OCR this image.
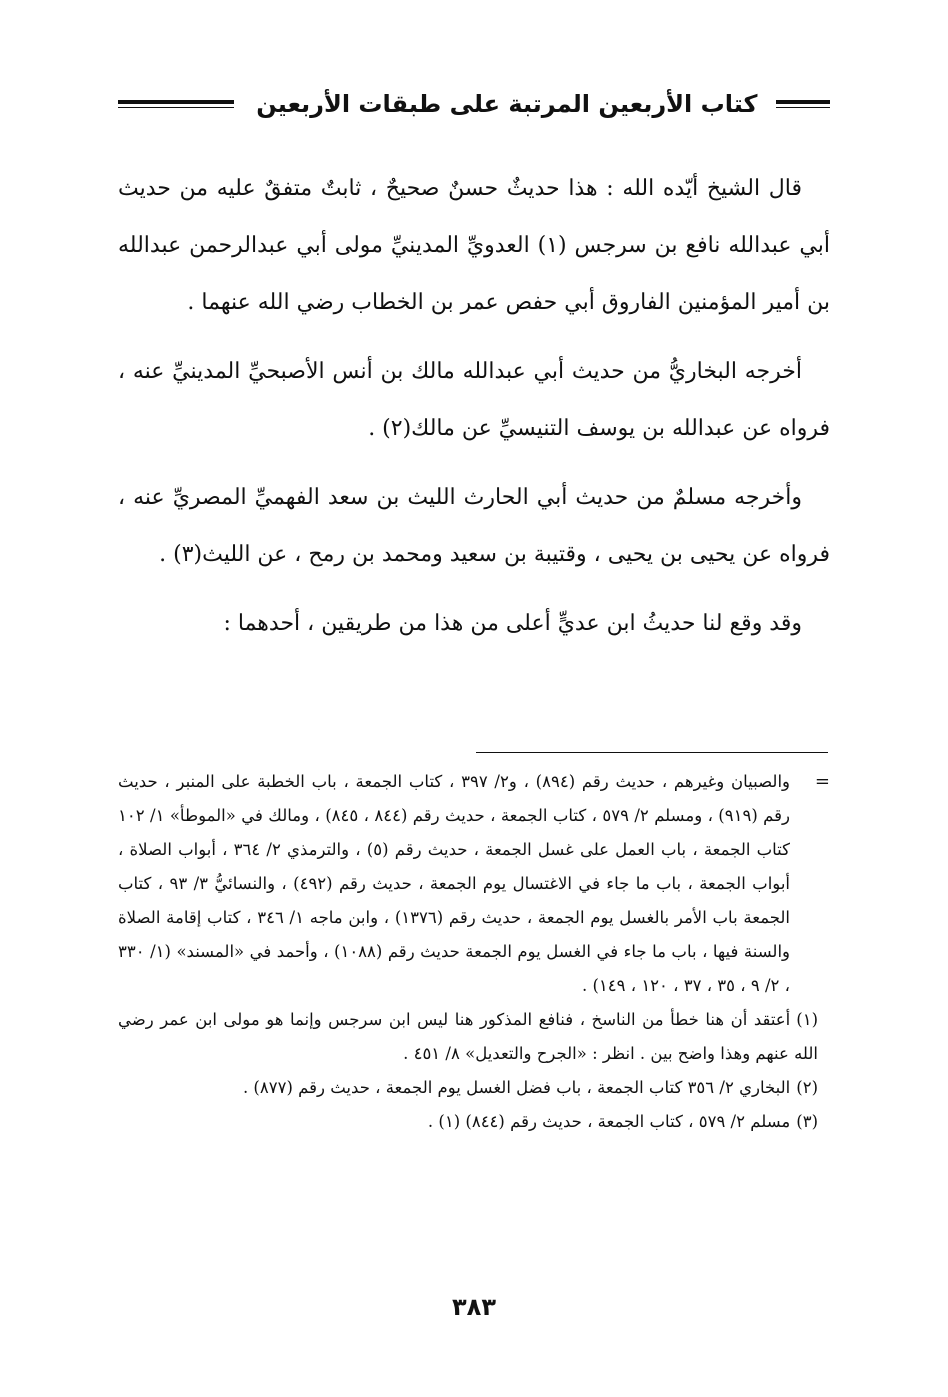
كتاب الأربعين المرتبة على طبقات الأربعين

قال الشيخ أيّده الله : هذا حديثٌ حسنٌ صحيحٌ ، ثابتٌ متفقٌ عليه من حديث أبي عبدالله نافع بن سرجس (١) العدويِّ المدينيِّ مولى أبي عبدالرحمن عبدالله بن أمير المؤمنين الفاروق أبي حفص عمر بن الخطاب رضي الله عنهما .

أخرجه البخاريُّ من حديث أبي عبدالله مالك بن أنس الأصبحيِّ المدينيِّ عنه ، فرواه عن عبدالله بن يوسف التنيسيِّ عن مالك(٢) .

وأخرجه مسلمٌ من حديث أبي الحارث الليث بن سعد الفهميِّ المصريِّ عنه ، فرواه عن يحيى بن يحيى ، وقتيبة بن سعيد ومحمد بن رمح ، عن الليث(٣) .

وقد وقع لنا حديثُ ابن عديٍّ أعلى من هذا من طريقين ، أحدهما :

=
والصبيان وغيرهم ، حديث رقم (٨٩٤) ، و٢/ ٣٩٧ ، كتاب الجمعة ، باب الخطبة على المنبر ، حديث رقم (٩١٩) ، ومسلم ٢/ ٥٧٩ ، كتاب الجمعة ، حديث رقم (٨٤٤ ، ٨٤٥) ، ومالك في «الموطأ» ١/ ١٠٢ كتاب الجمعة ، باب العمل على غسل الجمعة ، حديث رقم (٥) ، والترمذي ٢/ ٣٦٤ ، أبواب الصلاة ، أبواب الجمعة ، باب ما جاء في الاغتسال يوم الجمعة ، حديث رقم (٤٩٢) ، والنسائيُّ ٣/ ٩٣ ، كتاب الجمعة باب الأمر بالغسل يوم الجمعة ، حديث رقم (١٣٧٦) ، وابن ماجه ١/ ٣٤٦ ، كتاب إقامة الصلاة والسنة فيها ، باب ما جاء في الغسل يوم الجمعة حديث رقم (١٠٨٨) ، وأحمد في «المسند» (١/ ٣٣٠ ، ٢/ ٩ ، ٣٥ ، ٣٧ ، ١٢٠ ، ١٤٩) .
(١)أعتقد أن هنا خطأ من الناسخ ، فنافع المذكور هنا ليس ابن سرجس وإنما هو مولى ابن عمر رضي الله عنهم وهذا واضح بين . انظر : «الجرح والتعديل» ٨/ ٤٥١ .
(٢)البخاري ٢/ ٣٥٦ كتاب الجمعة ، باب فضل الغسل يوم الجمعة ، حديث رقم (٨٧٧) .
(٣)مسلم ٢/ ٥٧٩ ، كتاب الجمعة ، حديث رقم (٨٤٤) (١) .
٣٨٣
